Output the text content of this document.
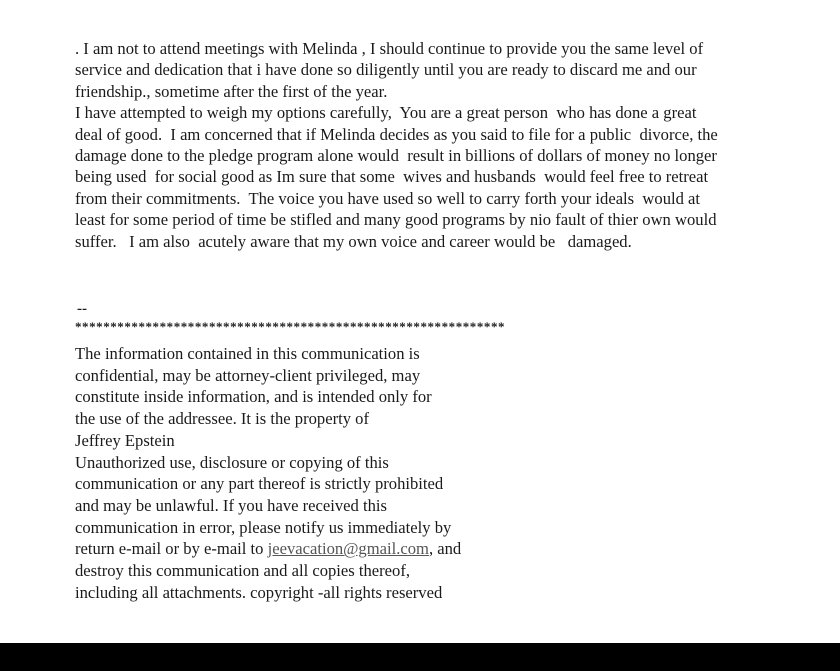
. I am not to attend meetings with Melinda , I should continue to provide you the same level of
service and dedication that i have done so diligently until you are ready to discard me and our
friendship., sometime after the first of the year.
I have attempted to weigh my options carefully,  You are a great person  who has done a great
deal of good.  I am concerned that if Melinda decides as you said to file for a public  divorce, the
damage done to the pledge program alone would  result in billions of dollars of money no longer
being used  for social good as Im sure that some  wives and husbands  would feel free to retreat
from their commitments.  The voice you have used so well to carry forth your ideals  would at
least for some period of time be stifled and many good programs by nio fault of thier own would
suffer.   I am also  acutely aware that my own voice and career would be   damaged.
--
*************************************************************
The information contained in this communication is
confidential, may be attorney-client privileged, may
constitute inside information, and is intended only for
the use of the addressee. It is the property of
Jeffrey Epstein
Unauthorized use, disclosure or copying of this
communication or any part thereof is strictly prohibited
and may be unlawful. If you have received this
communication in error, please notify us immediately by
return e-mail or by e-mail to jeevacation@gmail.com, and
destroy this communication and all copies thereof,
including all attachments. copyright -all rights reserved
